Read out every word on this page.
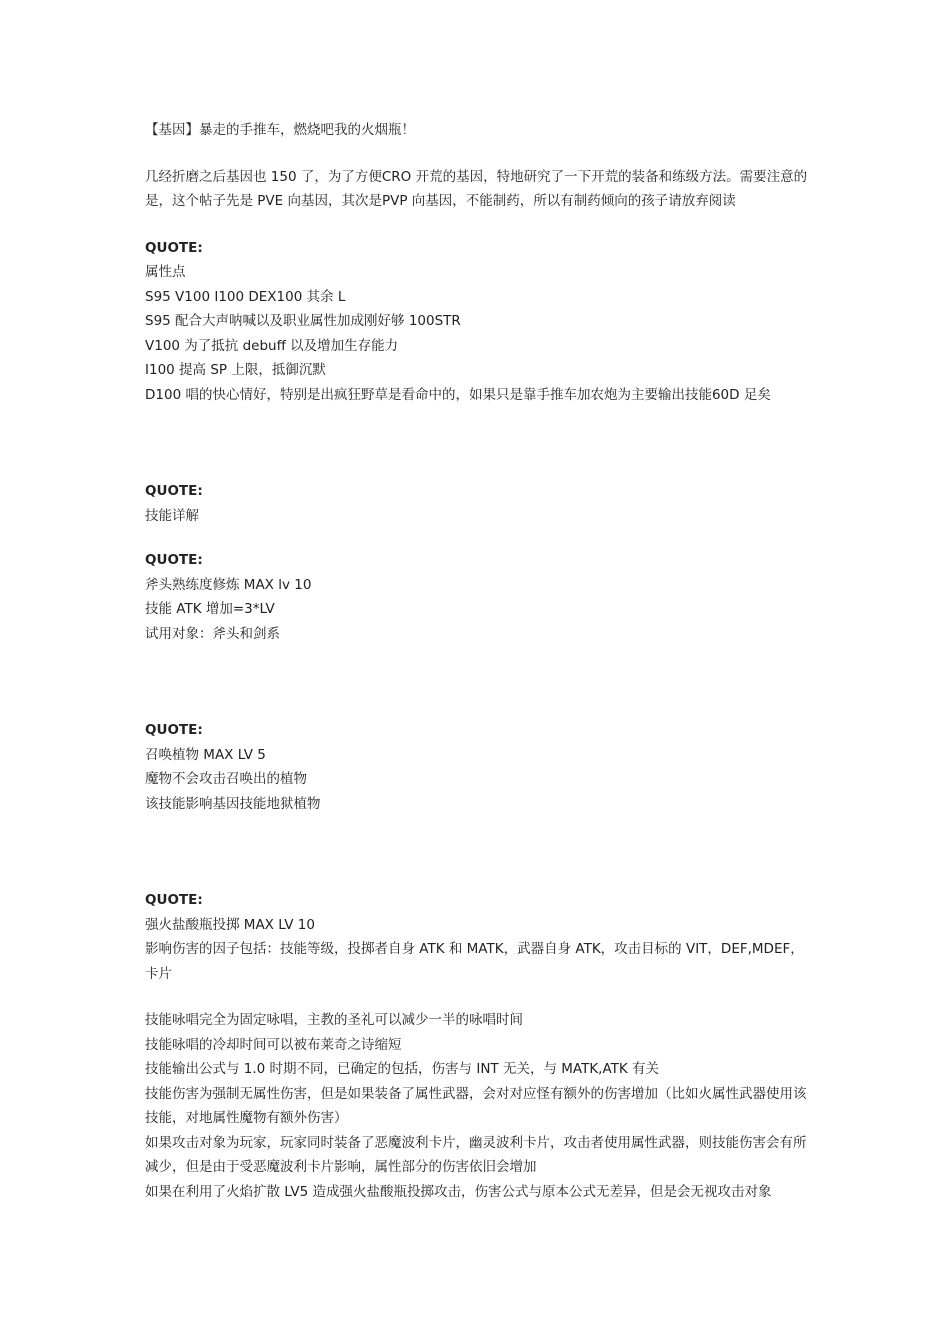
【基因】暴走的手推车，燃烧吧我的火烟瓶！
几经折磨之后基因也 150 了，为了方便CRO 开荒的基因，特地研究了一下开荒的装备和练级方法。需要注意的是，这个帖子先是 PVE 向基因，其次是PVP 向基因，不能制药，所以有制药倾向的孩子请放弃阅读
QUOTE:
属性点
S95 V100 I100 DEX100 其余 L
S95 配合大声呐喊以及职业属性加成刚好够 100STR
V100 为了抵抗 debuff 以及增加生存能力
I100 提高 SP 上限，抵御沉默
D100 唱的快心情好，特别是出疯狂野草是看命中的，如果只是靠手推车加农炮为主要输出技能60D 足矣
QUOTE:
技能详解
QUOTE:
斧头熟练度修炼 MAX lv 10
技能 ATK 增加=3*LV
试用对象：斧头和剑系
QUOTE:
召唤植物 MAX LV 5
魔物不会攻击召唤出的植物
该技能影响基因技能地狱植物
QUOTE:
强火盐酸瓶投掷 MAX LV 10
影响伤害的因子包括：技能等级，投掷者自身 ATK 和 MATK，武器自身 ATK，攻击目标的 VIT，DEF,MDEF，卡片
技能咏唱完全为固定咏唱，主教的圣礼可以减少一半的咏唱时间
技能咏唱的冷却时间可以被布莱奇之诗缩短
技能输出公式与 1.0 时期不同，已确定的包括，伤害与 INT 无关，与 MATK,ATK 有关
技能伤害为强制无属性伤害，但是如果装备了属性武器，会对对应怪有额外的伤害增加（比如火属性武器使用该技能，对地属性魔物有额外伤害）
如果攻击对象为玩家，玩家同时装备了恶魔波利卡片，幽灵波利卡片，攻击者使用属性武器，则技能伤害会有所减少，但是由于受恶魔波利卡片影响，属性部分的伤害依旧会增加
如果在利用了火焰扩散 LV5 造成强火盐酸瓶投掷攻击，伤害公式与原本公式无差异，但是会无视攻击对象
